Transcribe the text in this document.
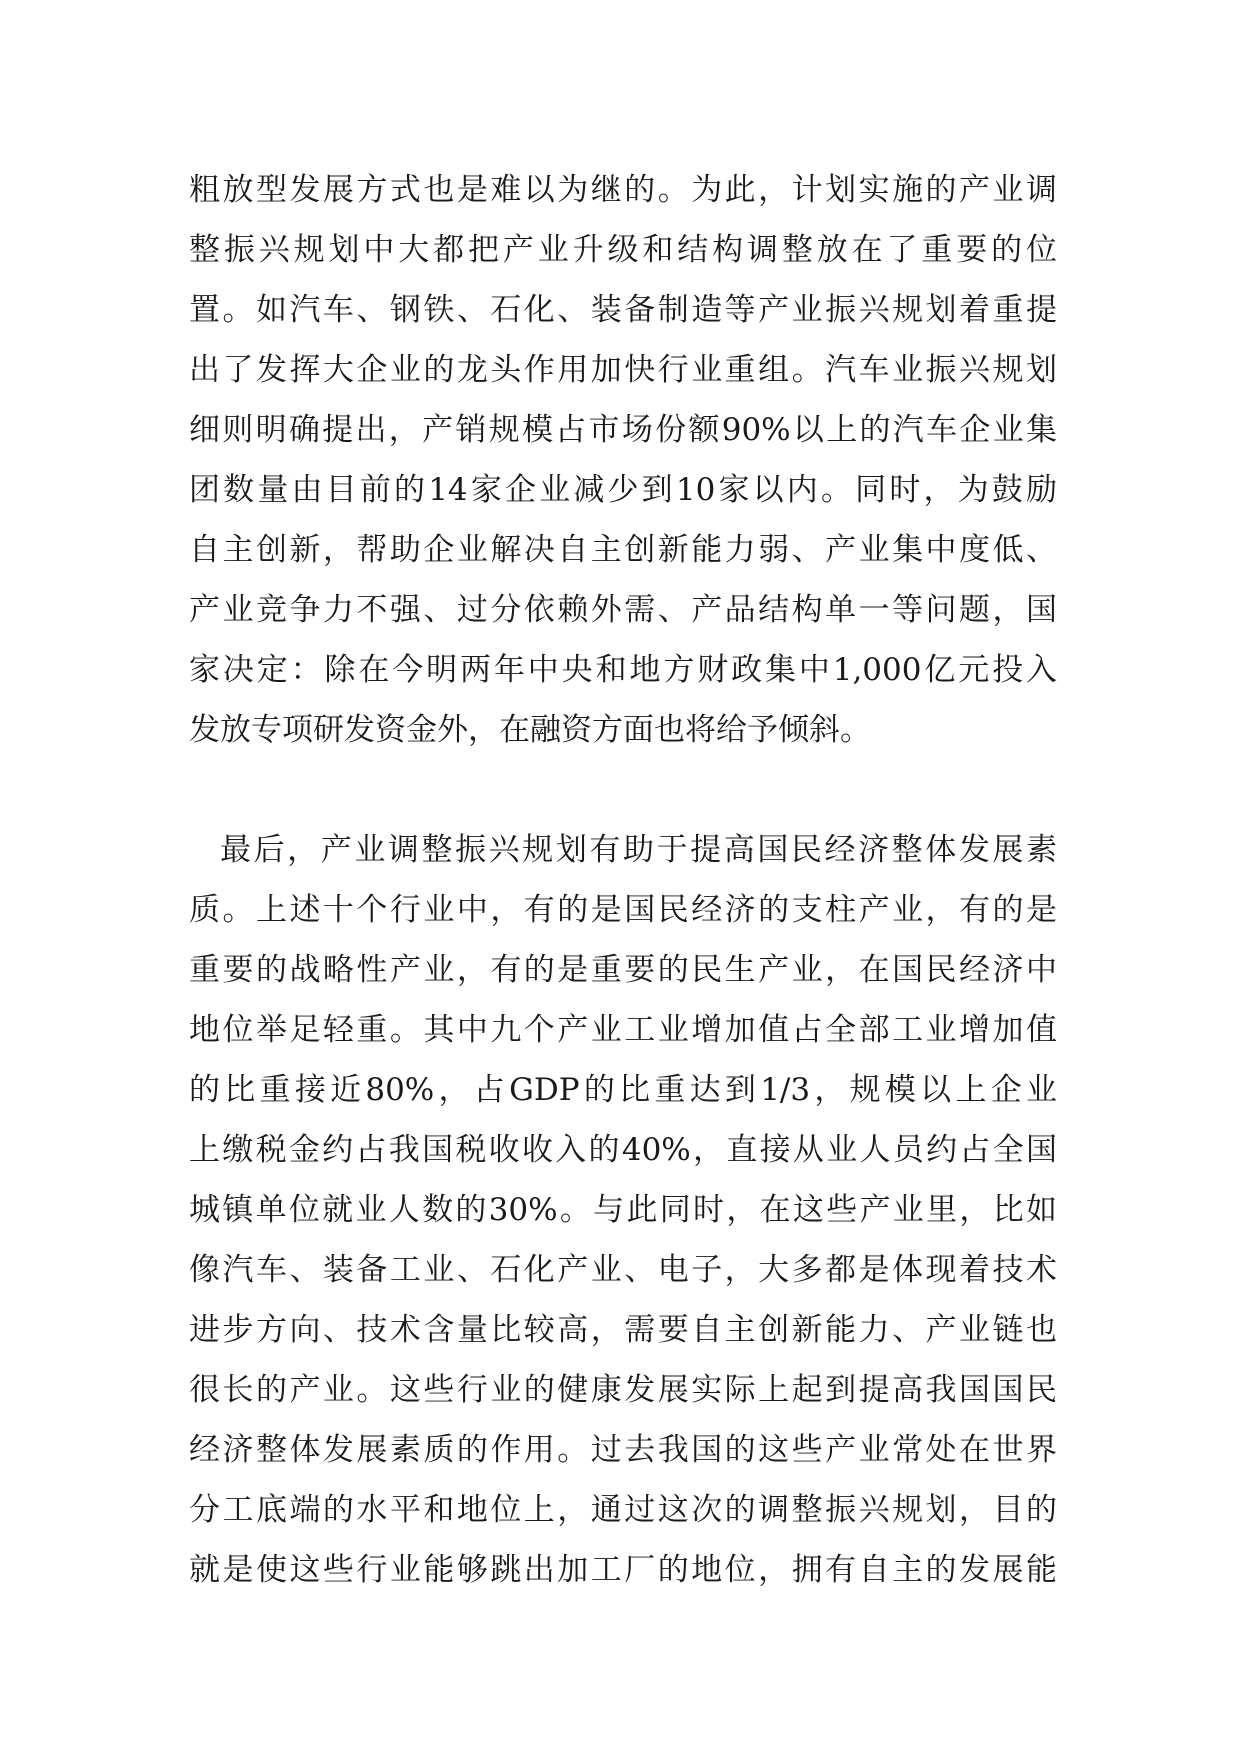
粗放型发展方式也是难以为继的。为此，计划实施的产业调
整振兴规划中大都把产业升级和结构调整放在了重要的位
置。如汽车、钢铁、石化、装备制造等产业振兴规划着重提
出了发挥大企业的龙头作用加快行业重组。汽车业振兴规划
细则明确提出，产销规模占市场份额90%以上的汽车企业集
团数量由目前的14家企业减少到10家以内。同时，为鼓励
自主创新，帮助企业解决自主创新能力弱、产业集中度低、
产业竞争力不强、过分依赖外需、产品结构单一等问题，国
家决定：除在今明两年中央和地方财政集中1,000亿元投入
发放专项研发资金外，在融资方面也将给予倾斜。
最后，产业调整振兴规划有助于提高国民经济整体发展素
质。上述十个行业中，有的是国民经济的支柱产业，有的是
重要的战略性产业，有的是重要的民生产业，在国民经济中
地位举足轻重。其中九个产业工业增加值占全部工业增加值
的比重接近80%，占GDP的比重达到1/3，规模以上企业
上缴税金约占我国税收收入的40%，直接从业人员约占全国
城镇单位就业人数的30%。与此同时，在这些产业里，比如
像汽车、装备工业、石化产业、电子，大多都是体现着技术
进步方向、技术含量比较高，需要自主创新能力、产业链也
很长的产业。这些行业的健康发展实际上起到提高我国国民
经济整体发展素质的作用。过去我国的这些产业常处在世界
分工底端的水平和地位上，通过这次的调整振兴规划，目的
就是使这些行业能够跳出加工厂的地位，拥有自主的发展能
